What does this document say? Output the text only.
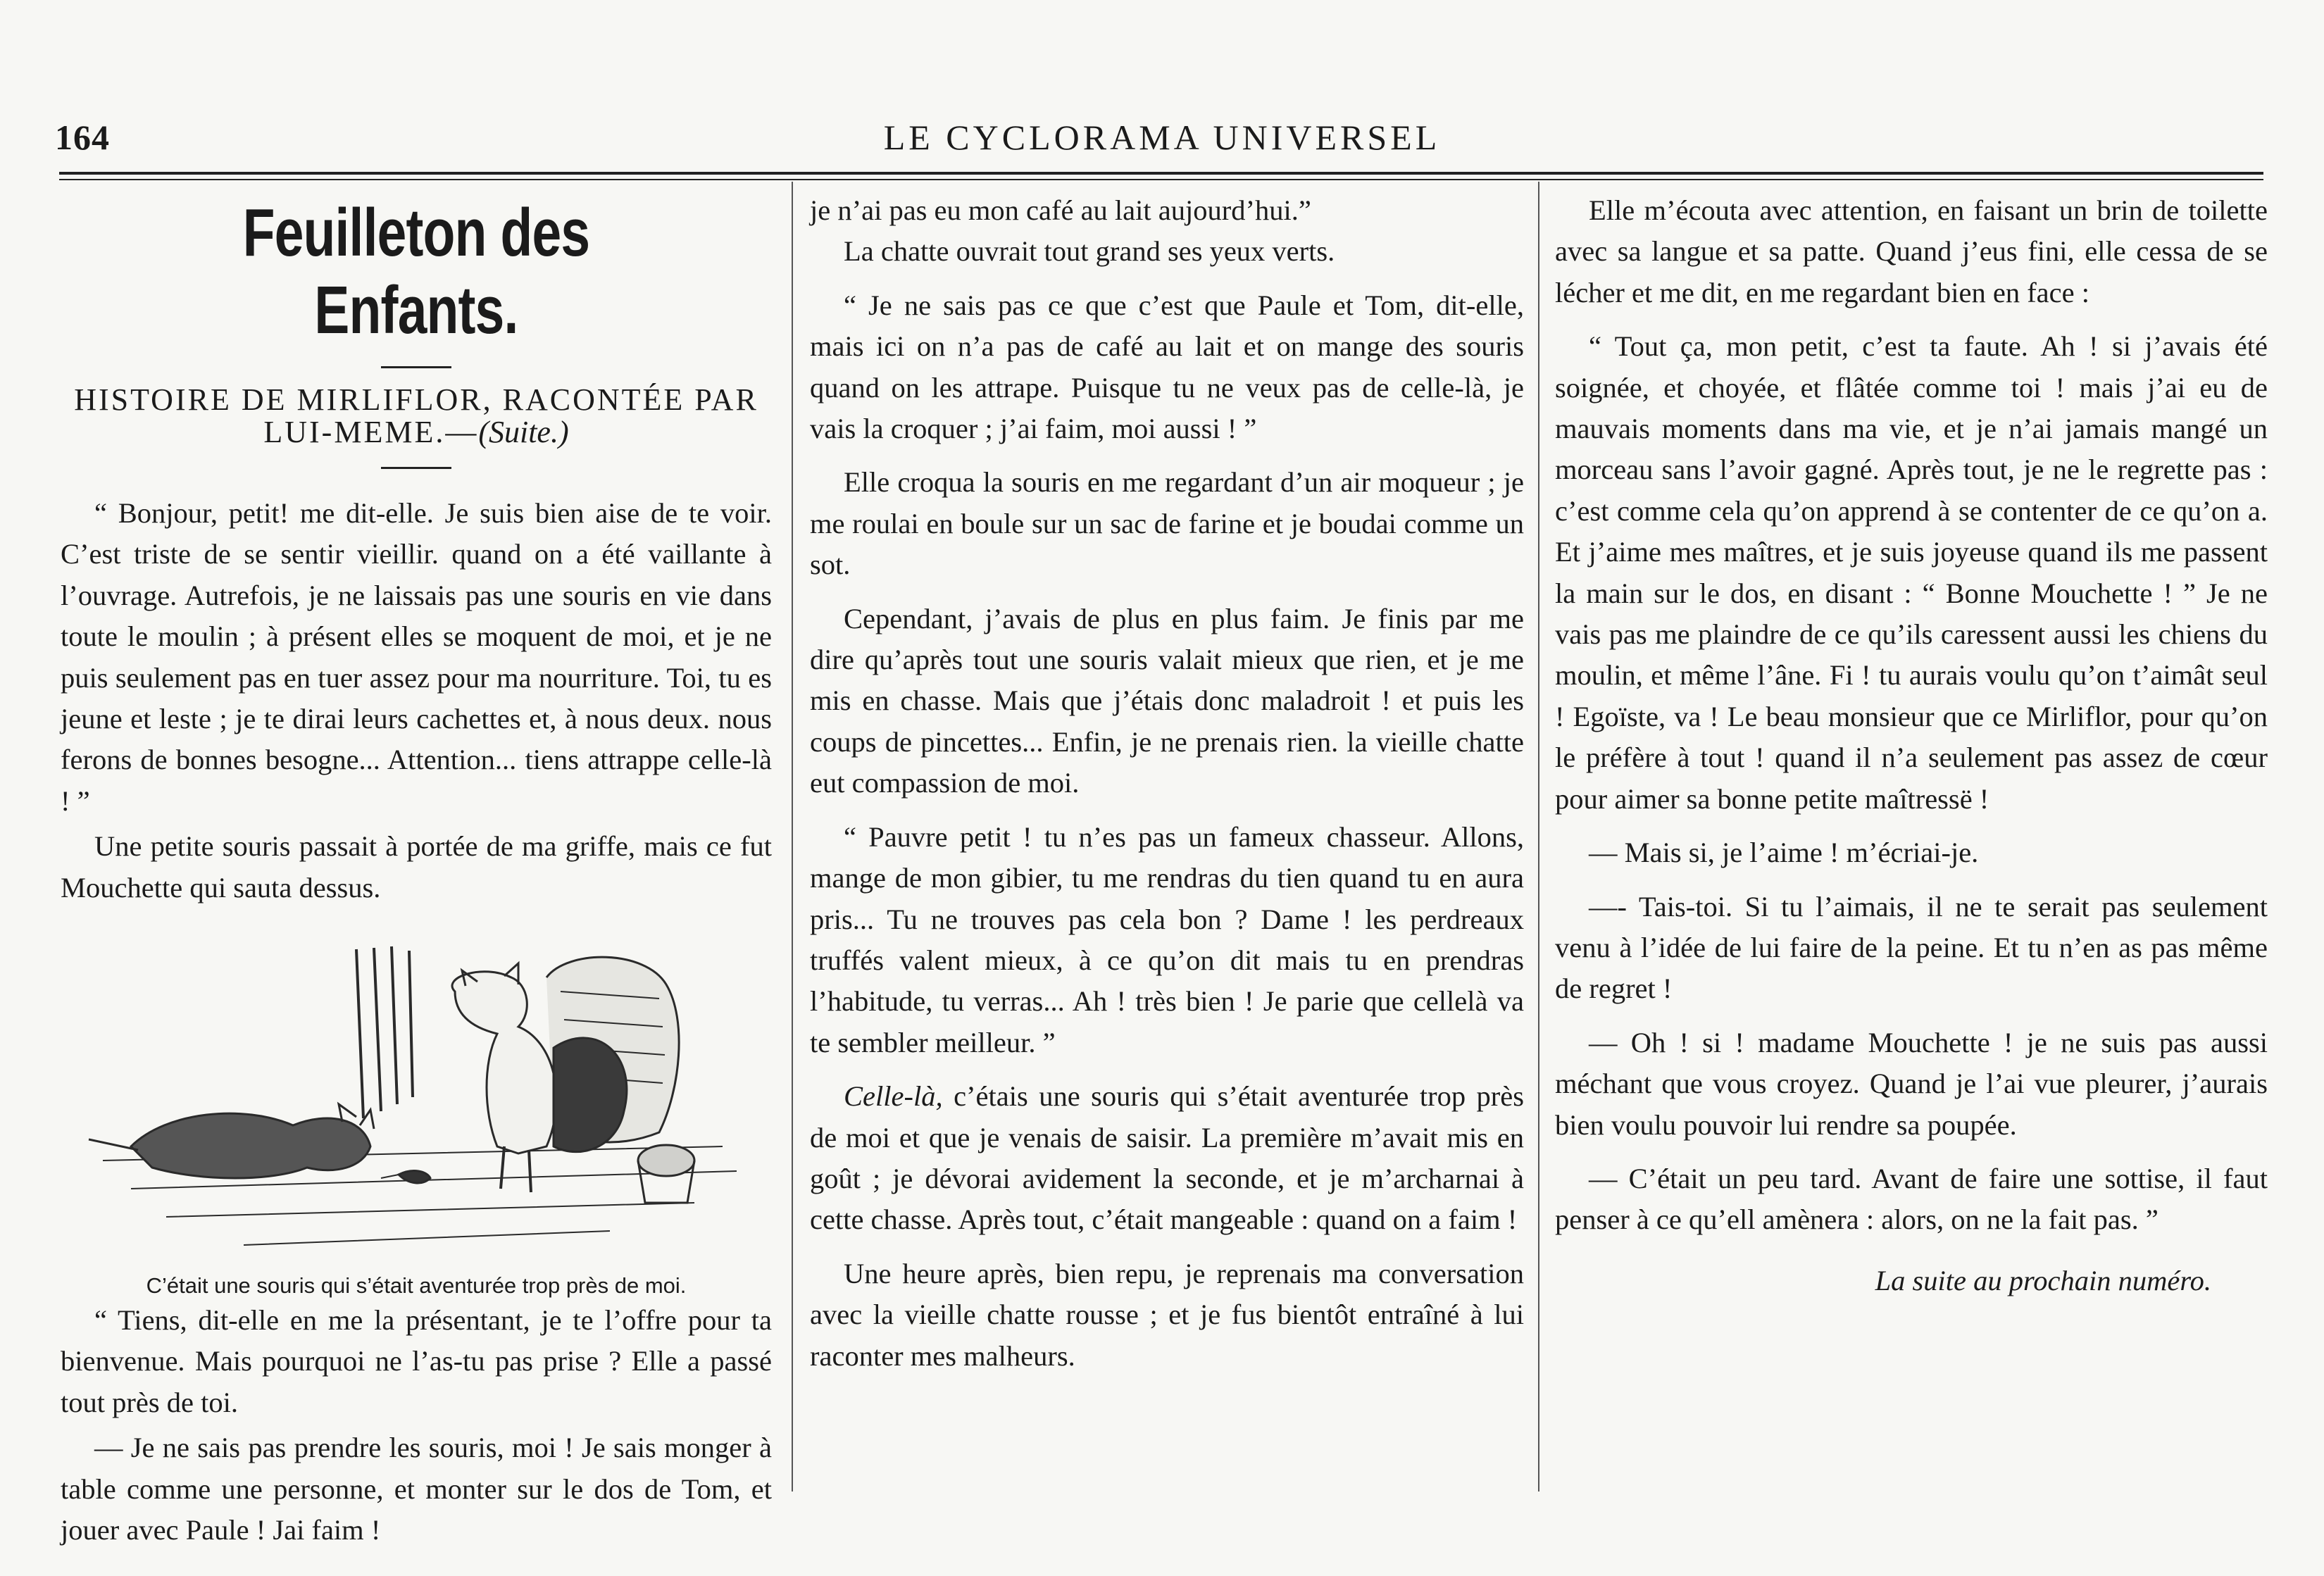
164	LE CYCLORAMA UNIVERSEL
Feuilleton des Enfants.

HISTOIRE DE MIRLIFLOR, RACONTÉE PAR LUI-MEME.—(Suite.)

“ Bonjour, petit! me dit-elle. Je suis bien aise de te voir. C’est triste de se sentir vieillir. quand on a été vaillante à l’ouvrage. Autrefois, je ne laissais pas une souris en vie dans toute le moulin ; à présent elles se moquent de moi, et je ne puis seulement pas en tuer assez pour ma nourriture. Toi, tu es jeune et leste ; je te dirai leurs cachettes et, à nous deux. nous ferons de bonnes besogne... Attention... tiens attrappe celle-là ! ”

Une petite souris passait à portée de ma griffe, mais ce fut Mouchette qui sauta dessus.

C’était une souris qui s’était aventurée trop près de moi.

“ Tiens, dit-elle en me la présentant, je te l’offre pour ta bienvenue. Mais pourquoi ne l’as-tu pas prise ? Elle a passé tout près de toi.

— Je ne sais pas prendre les souris, moi ! Je sais monger à table comme une personne, et monter sur le dos de Tom, et jouer avec Paule ! Jai faim !

je n’ai pas eu mon café au lait aujourd’hui.”

La chatte ouvrait tout grand ses yeux verts.

“ Je ne sais pas ce que c’est que Paule et Tom, dit-elle, mais ici on n’a pas de café au lait et on mange des souris quand on les attrape. Puisque tu ne veux pas de celle-là, je vais la croquer ; j’ai faim, moi aussi ! ”

Elle croqua la souris en me regardant d’un air moqueur ; je me roulai en boule sur un sac de farine et je boudai comme un sot.

Cependant, j’avais de plus en plus faim. Je finis par me dire qu’après tout une souris valait mieux que rien, et je me mis en chasse. Mais que j’étais donc maladroit ! et puis les coups de pincettes... Enfin, je ne prenais rien. la vieille chatte eut compassion de moi.

“ Pauvre petit ! tu n’es pas un fameux chasseur. Allons, mange de mon gibier, tu me rendras du tien quand tu en aura pris... Tu ne trouves pas cela bon ? Dame ! les perdreaux truffés valent mieux, à ce qu’on dit mais tu en prendras l’habitude, tu verras... Ah ! très bien ! Je parie que cellelà va te sembler meilleur. ”

Celle-là, c’étais une souris qui s’était aventurée trop près de moi et que je venais de saisir. La première m’avait mis en goût ; je dévorai avidement la seconde, et je m’archarnai à cette chasse. Après tout, c’était mangeable : quand on a faim !

Une heure après, bien repu, je reprenais ma conversation avec la vieille chatte rousse ; et je fus bientôt entraîné à lui raconter mes malheurs.

Elle m’écouta avec attention, en faisant un brin de toilette avec sa langue et sa patte. Quand j’eus fini, elle cessa de se lécher et me dit, en me regardant bien en face :

“ Tout ça, mon petit, c’est ta faute. Ah ! si j’avais été soignée, et choyée, et flâtée comme toi ! mais j’ai eu de mauvais moments dans ma vie, et je n’ai jamais mangé un morceau sans l’avoir gagné. Après tout, je ne le regrette pas : c’est comme cela qu’on apprend à se contenter de ce qu’on a. Et j’aime mes maîtres, et je suis joyeuse quand ils me passent la main sur le dos, en disant : “ Bonne Mouchette ! ” Je ne vais pas me plaindre de ce qu’ils caressent aussi les chiens du moulin, et même l’âne. Fi ! tu aurais voulu qu’on t’aimât seul ! Egoïste, va ! Le beau monsieur que ce Mirliflor, pour qu’on le préfère à tout ! quand il n’a seulement pas assez de cœur pour aimer sa bonne petite maîtressë !

— Mais si, je l’aime ! m’écriai-je.

—- Tais-toi. Si tu l’aimais, il ne te serait pas seulement venu à l’idée de lui faire de la peine. Et tu n’en as pas même de regret !

— Oh ! si ! madame Mouchette ! je ne suis pas aussi méchant que vous croyez. Quand je l’ai vue pleurer, j’aurais bien voulu pouvoir lui rendre sa poupée.

— C’était un peu tard. Avant de faire une sottise, il faut penser à ce qu’ell amènera : alors, on ne la fait pas. ”

La suite au prochain numéro.
